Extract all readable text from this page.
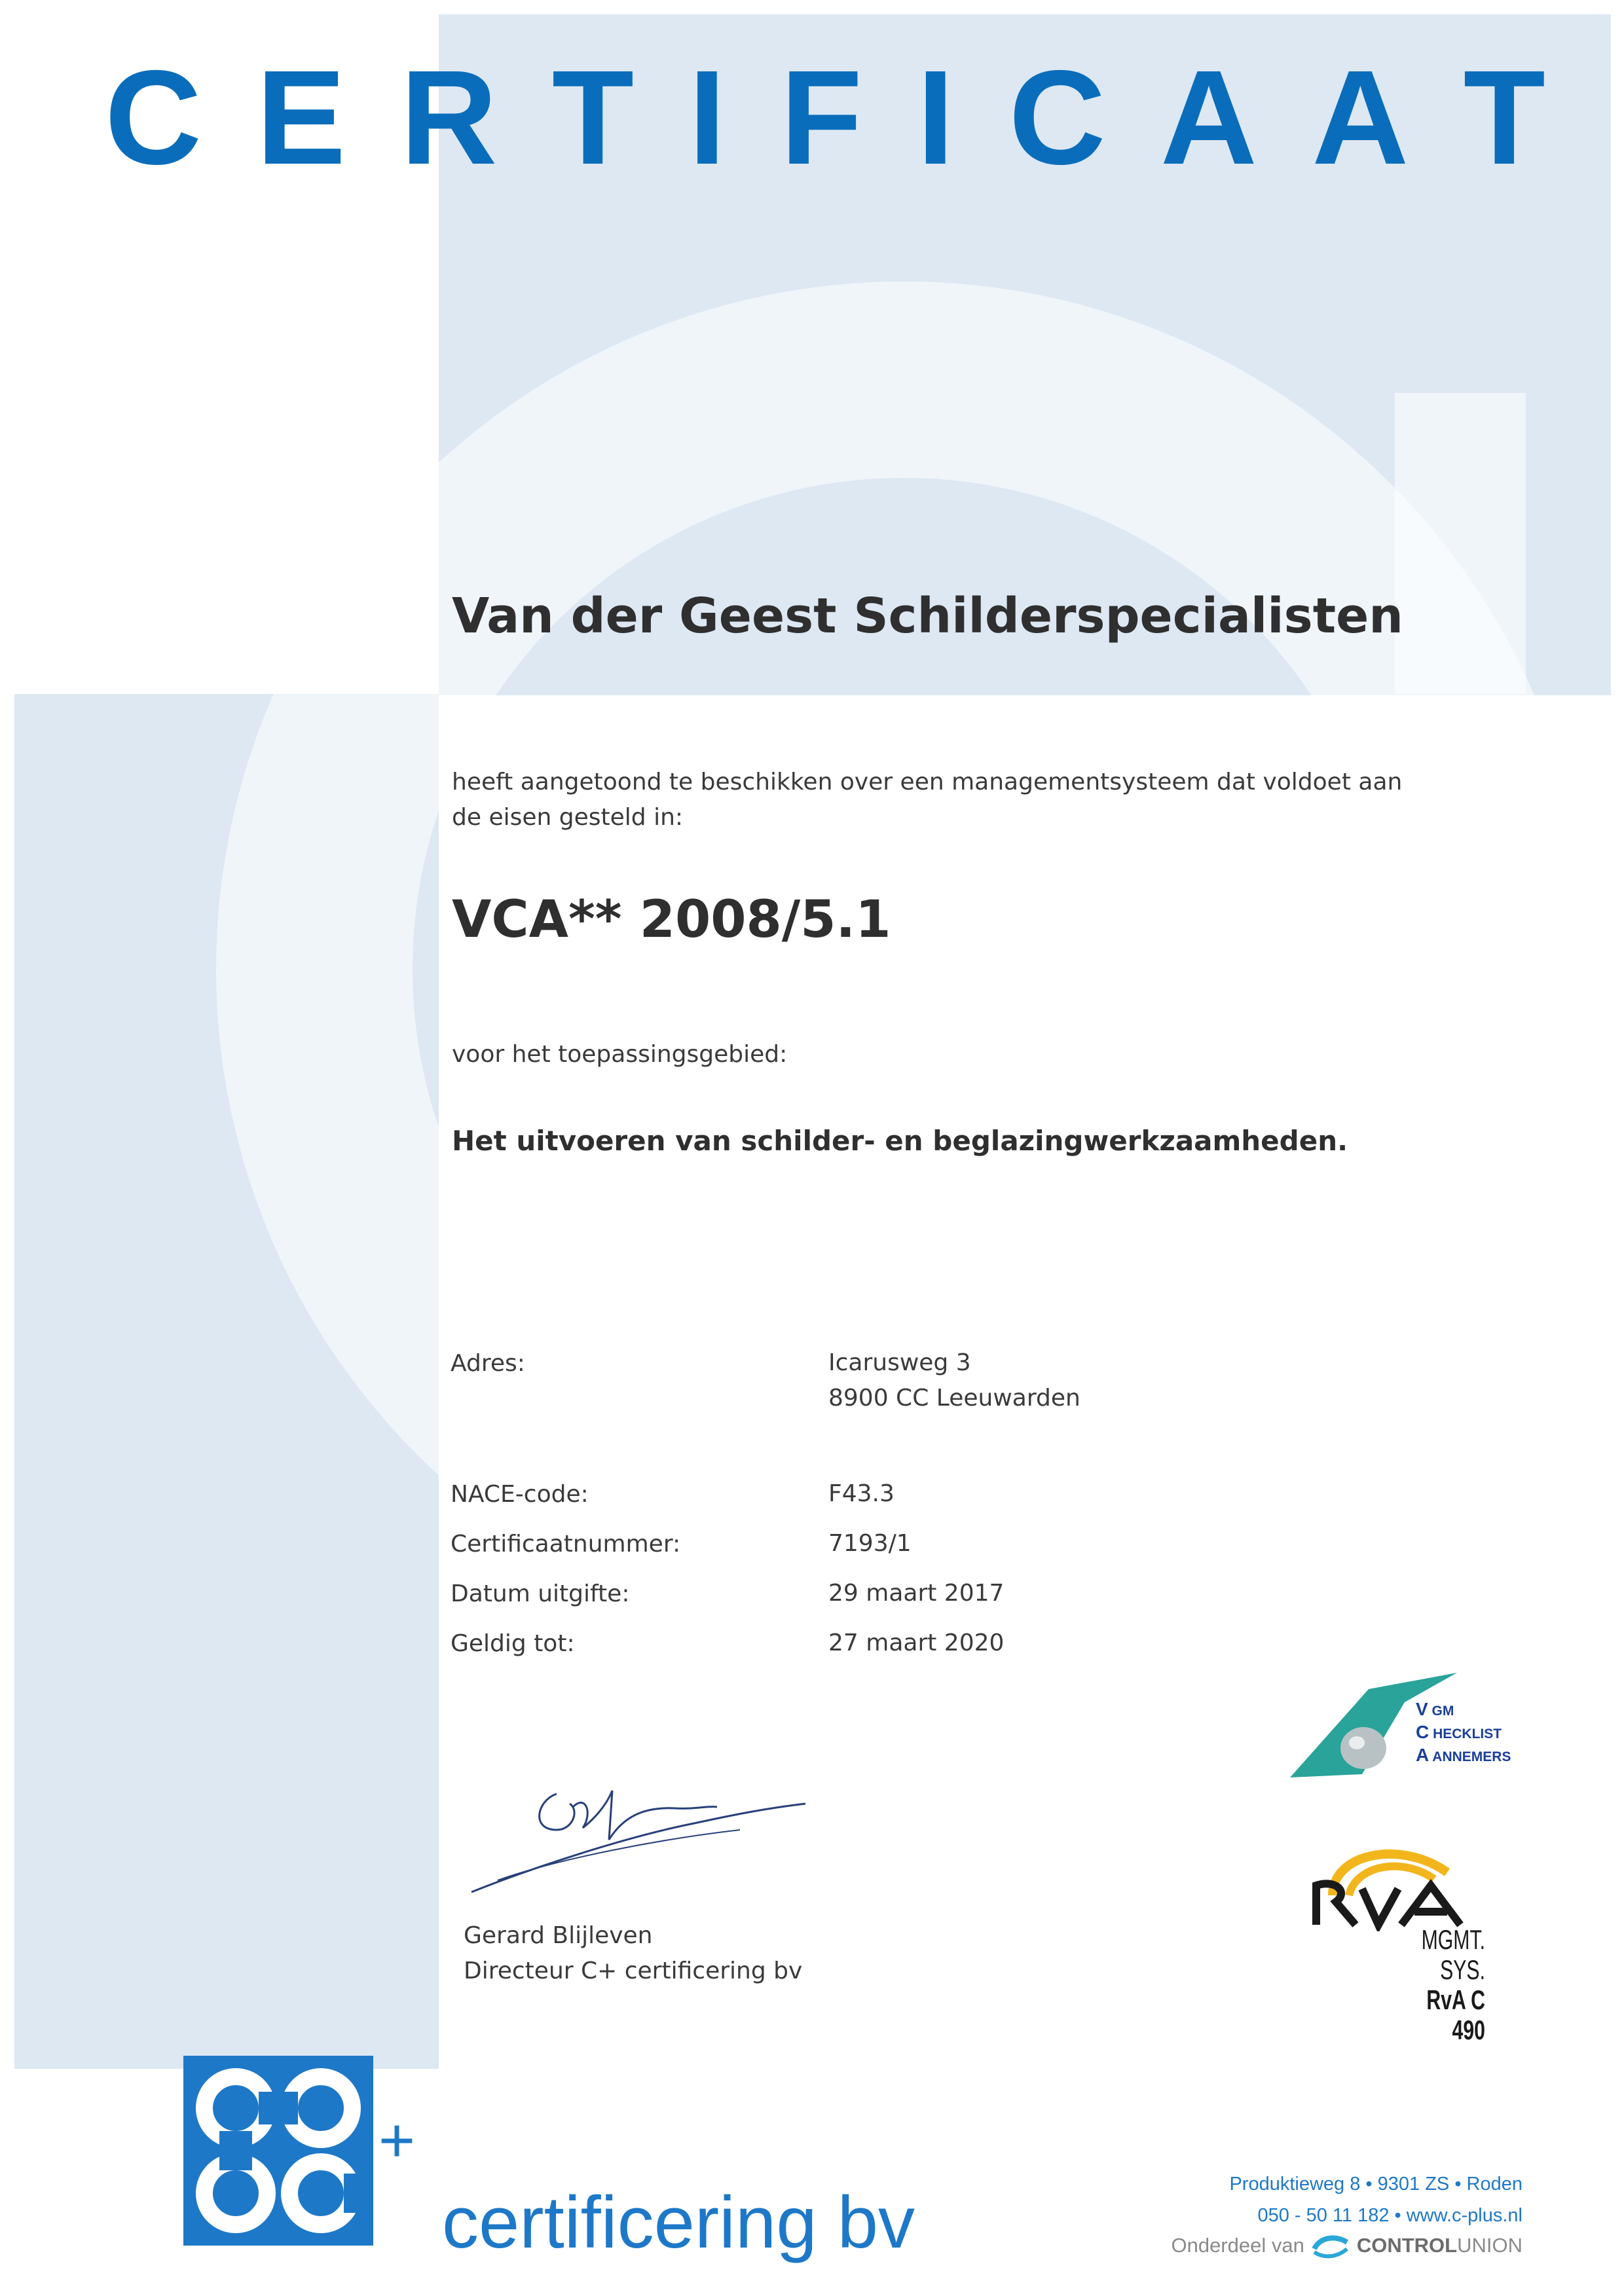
C E R T I F I C A A T
Van der Geest Schilderspecialisten
heeft aangetoond te beschikken over een managementsysteem dat voldoet aan de eisen gesteld in:
VCA** 2008/5.1
voor het toepassingsgebied:
Het uitvoeren van schilder- en beglazingwerkzaamheden.
Adres:	Icarusweg 3
8900 CC Leeuwarden
NACE-code:	F43.3
Certificaatnummer:	7193/1
Datum uitgifte:	29 maart 2017
Geldig tot:	27 maart 2020
Gerard Blijleven
Directeur C+ certificering bv
V GM
C HECKLIST
A ANNEMERS
MGMT. SYS.
RvA C 490
+
certificering bv	Produktieweg 8 • 9301 ZS • Roden
050 - 50 11 182 • www.c-plus.nl
Onderdeel van	CONTROLUNION
